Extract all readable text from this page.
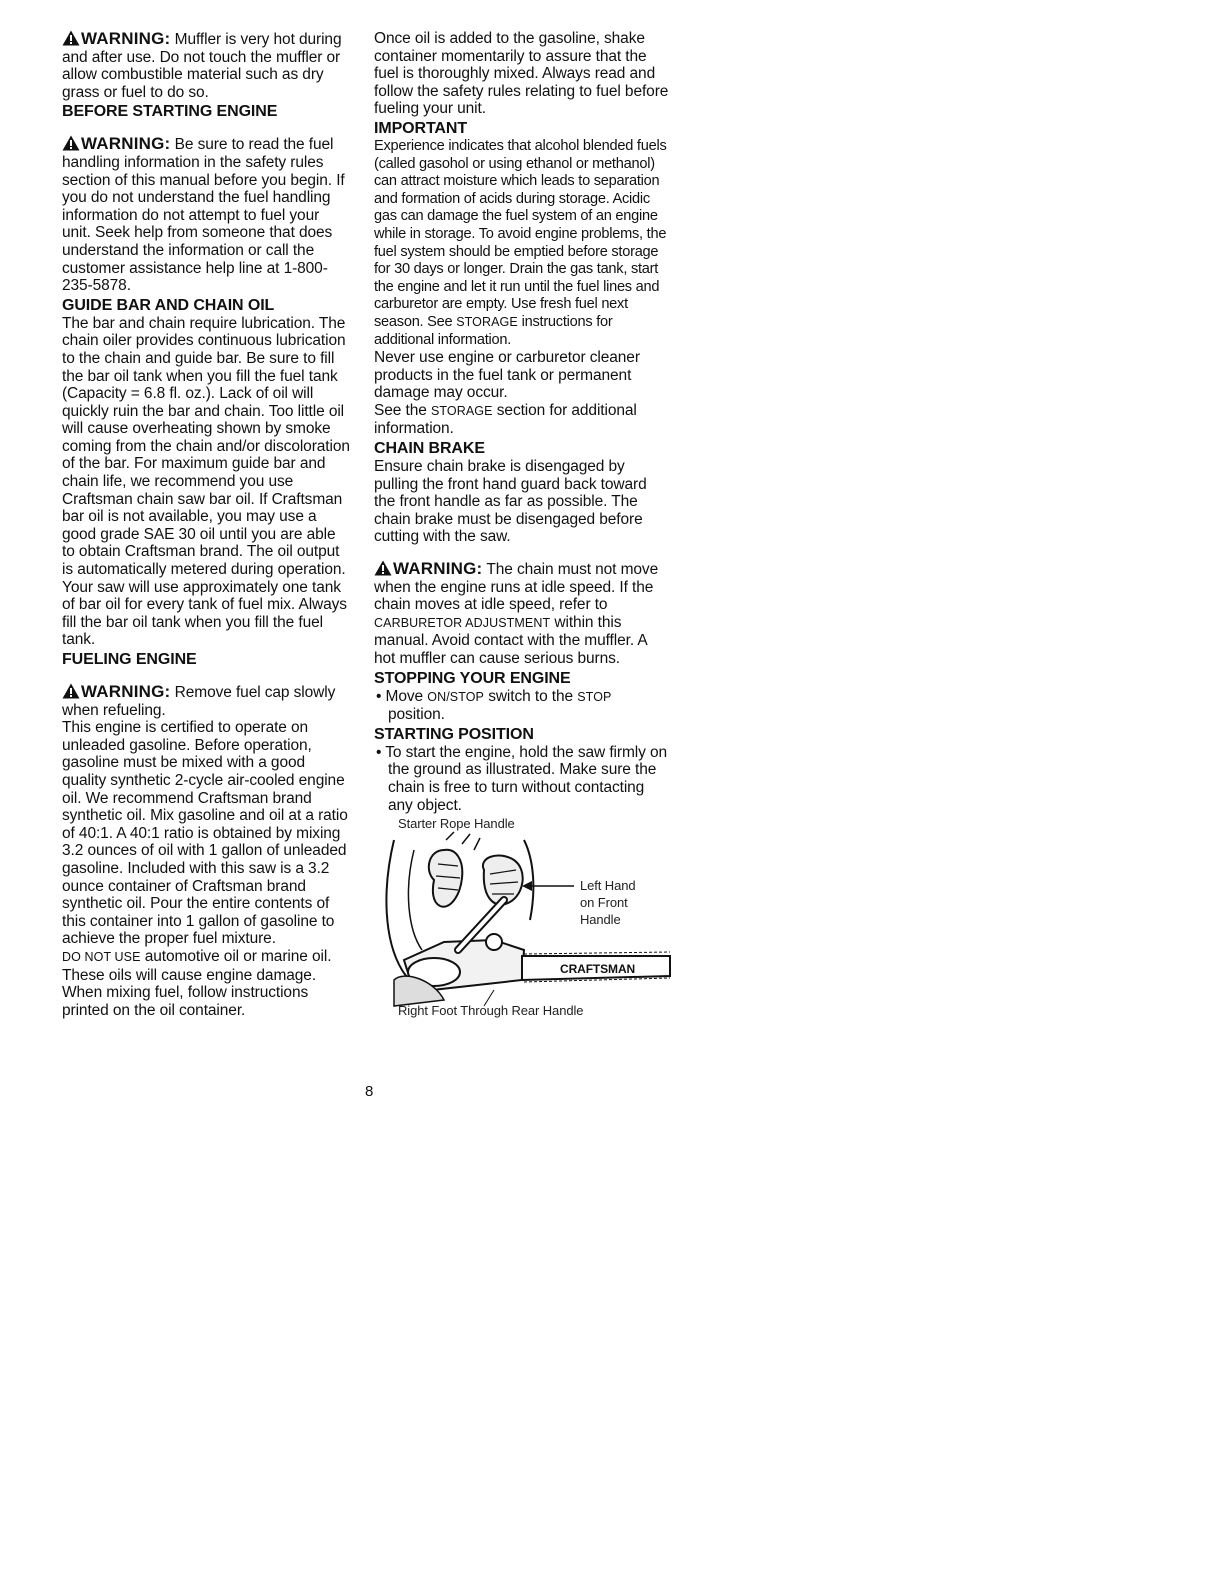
WARNING: Muffler is very hot during and after use. Do not touch the muffler or allow combustible material such as dry grass or fuel to do so.

BEFORE STARTING ENGINE

WARNING: Be sure to read the fuel handling information in the safety rules section of this manual before you begin. If you do not understand the fuel handling information do not attempt to fuel your unit. Seek help from someone that does understand the information or call the customer assistance help line at 1-800-235-5878.

GUIDE BAR AND CHAIN OIL

The bar and chain require lubrication. The chain oiler provides continuous lubrication to the chain and guide bar. Be sure to fill the bar oil tank when you fill the fuel tank (Capacity = 6.8 fl. oz.). Lack of oil will quickly ruin the bar and chain. Too little oil will cause overheating shown by smoke coming from the chain and/or discoloration of the bar. For maximum guide bar and chain life, we recommend you use Craftsman chain saw bar oil. If Craftsman bar oil is not available, you may use a good grade SAE 30 oil until you are able to obtain Craftsman brand. The oil output is automatically metered during operation. Your saw will use approximately one tank of bar oil for every tank of fuel mix. Always fill the bar oil tank when you fill the fuel tank.

FUELING ENGINE

WARNING: Remove fuel cap slowly when refueling.

This engine is certified to operate on unleaded gasoline. Before operation, gasoline must be mixed with a good quality synthetic 2-cycle air-cooled engine oil. We recommend Craftsman brand synthetic oil. Mix gasoline and oil at a ratio of 40:1. A 40:1 ratio is obtained by mixing 3.2 ounces of oil with 1 gallon of unleaded gasoline. Included with this saw is a 3.2 ounce container of Craftsman brand synthetic oil. Pour the entire contents of this container into 1 gallon of gasoline to achieve the proper fuel mixture.

DO NOT USE automotive oil or marine oil. These oils will cause engine damage. When mixing fuel, follow instructions printed on the oil container.

Once oil is added to the gasoline, shake container momentarily to assure that the fuel is thoroughly mixed. Always read and follow the safety rules relating to fuel before fueling your unit.

IMPORTANT

Experience indicates that alcohol blended fuels (called gasohol or using ethanol or methanol) can attract moisture which leads to separation and formation of acids during storage. Acidic gas can damage the fuel system of an engine while in storage. To avoid engine problems, the fuel system should be emptied before storage for 30 days or longer. Drain the gas tank, start the engine and let it run until the fuel lines and carburetor are empty. Use fresh fuel next season. See STORAGE instructions for additional information.

Never use engine or carburetor cleaner products in the fuel tank or permanent damage may occur.

See the STORAGE section for additional information.

CHAIN BRAKE

Ensure chain brake is disengaged by pulling the front hand guard back toward the front handle as far as possible. The chain brake must be disengaged before cutting with the saw.

WARNING: The chain must not move when the engine runs at idle speed. If the chain moves at idle speed, refer to CARBURETOR ADJUSTMENT within this manual. Avoid contact with the muffler. A hot muffler can cause serious burns.

STOPPING YOUR ENGINE

• Move ON/STOP switch to the STOP position.

STARTING POSITION

• To start the engine, hold the saw firmly on the ground as illustrated. Make sure the chain is free to turn without contacting any object.

Starter Rope Handle
Left Hand
on Front
Handle
Right Foot Through Rear Handle
CRAFTSMAN
8
